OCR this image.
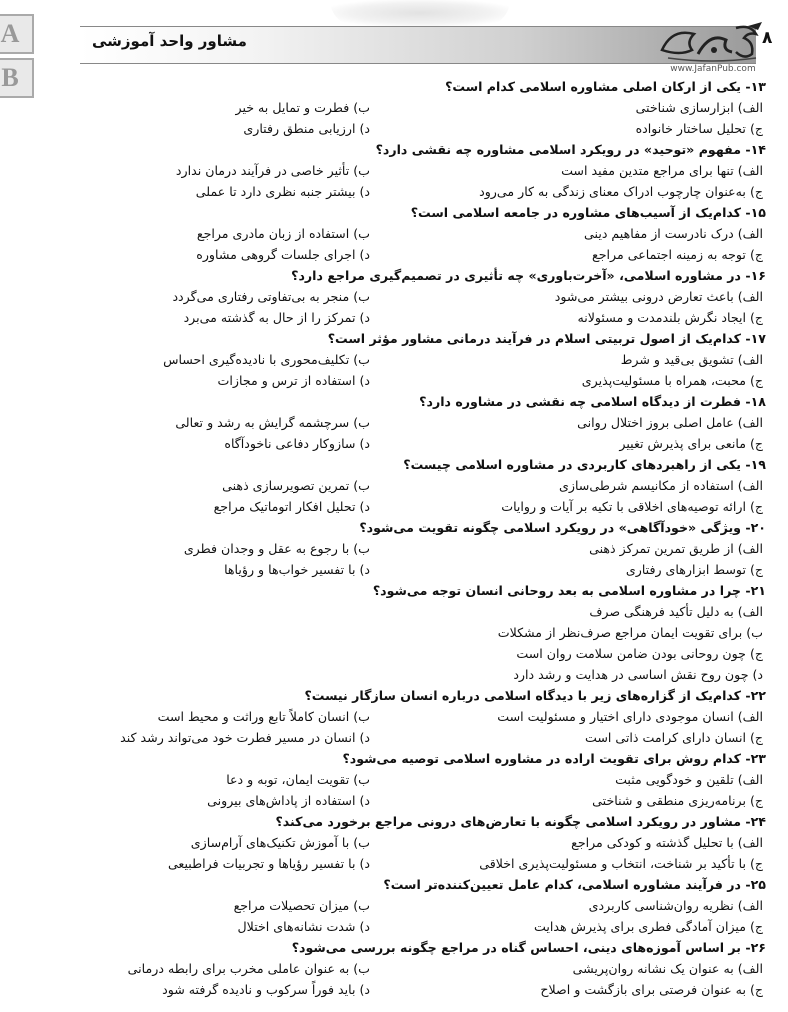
A
B
مشاور واحد آموزشی	۸
www.JafanPub.com
۱۳- یکی از ارکان اصلی مشاوره اسلامی کدام است؟
الف) ابزارسازی شناختی
ب) فطرت و تمایل به خیر
ج) تحلیل ساختار خانواده
د) ارزیابی منطق رفتاری
۱۴- مفهوم «توحید» در رویکرد اسلامی مشاوره چه نقشی دارد؟
الف) تنها برای مراجع متدین مفید است
ب) تأثیر خاصی در فرآیند درمان ندارد
ج) به‌عنوان چارچوب ادراک معنای زندگی به کار می‌رود
د) بیشتر جنبه نظری دارد تا عملی
۱۵- کدام‌یک از آسیب‌های مشاوره در جامعه اسلامی است؟
الف) درک نادرست از مفاهیم دینی
ب) استفاده از زبان مادری مراجع
ج) توجه به زمینه اجتماعی مراجع
د) اجرای جلسات گروهی مشاوره
۱۶- در مشاوره اسلامی، «آخرت‌باوری» چه تأثیری در تصمیم‌گیری مراجع دارد؟
الف) باعث تعارض درونی بیشتر می‌شود
ب) منجر به بی‌تفاوتی رفتاری می‌گردد
ج) ایجاد نگرش بلندمدت و مسئولانه
د) تمرکز را از حال به گذشته می‌برد
۱۷- کدام‌یک از اصول تربیتی اسلام در فرآیند درمانی مشاور مؤثر است؟
الف) تشویق بی‌قید و شرط
ب) تکلیف‌محوری با نادیده‌گیری احساس
ج) محبت، همراه با مسئولیت‌پذیری
د) استفاده از ترس و مجازات
۱۸- فطرت از دیدگاه اسلامی چه نقشی در مشاوره دارد؟
الف) عامل اصلی بروز اختلال روانی
ب) سرچشمه گرایش به رشد و تعالی
ج) مانعی برای پذیرش تغییر
د) سازوکار دفاعی ناخودآگاه
۱۹- یکی از راهبردهای کاربردی در مشاوره اسلامی چیست؟
الف) استفاده از مکانیسم شرطی‌سازی
ب) تمرین تصویرسازی ذهنی
ج) ارائه توصیه‌های اخلاقی با تکیه بر آیات و روایات
د) تحلیل افکار اتوماتیک مراجع
۲۰- ویژگی «خودآگاهی» در رویکرد اسلامی چگونه تقویت می‌شود؟
الف) از طریق تمرین تمرکز ذهنی
ب) با رجوع به عقل و وجدان فطری
ج) توسط ابزارهای رفتاری
د) با تفسیر خواب‌ها و رؤیاها
۲۱- چرا در مشاوره اسلامی به بعد روحانی انسان توجه می‌شود؟
الف) به دلیل تأکید فرهنگی صرف
ب) برای تقویت ایمان مراجع صرف‌نظر از مشکلات
ج) چون روحانی بودن ضامن سلامت روان است
د) چون روح نقش اساسی در هدایت و رشد دارد
۲۲- کدام‌یک از گزاره‌های زیر با دیدگاه اسلامی درباره انسان سازگار نیست؟
الف) انسان موجودی دارای اختیار و مسئولیت است
ب) انسان کاملاً تابع وراثت و محیط است
ج) انسان دارای کرامت ذاتی است
د) انسان در مسیر فطرت خود می‌تواند رشد کند
۲۳- کدام روش برای تقویت اراده در مشاوره اسلامی توصیه می‌شود؟
الف) تلقین و خودگویی مثبت
ب) تقویت ایمان، توبه و دعا
ج) برنامه‌ریزی منطقی و شناختی
د) استفاده از پاداش‌های بیرونی
۲۴- مشاور در رویکرد اسلامی چگونه با تعارض‌های درونی مراجع برخورد می‌کند؟
الف) با تحلیل گذشته و کودکی مراجع
ب) با آموزش تکنیک‌های آرام‌سازی
ج) با تأکید بر شناخت، انتخاب و مسئولیت‌پذیری اخلاقی
د) با تفسیر رؤیاها و تجربیات فراطبیعی
۲۵- در فرآیند مشاوره اسلامی، کدام عامل تعیین‌کننده‌تر است؟
الف) نظریه روان‌شناسی کاربردی
ب) میزان تحصیلات مراجع
ج) میزان آمادگی فطری برای پذیرش هدایت
د) شدت نشانه‌های اختلال
۲۶- بر اساس آموزه‌های دینی، احساس گناه در مراجع چگونه بررسی می‌شود؟
الف) به عنوان یک نشانه روان‌پریشی
ب) به عنوان عاملی مخرب برای رابطه درمانی
ج) به عنوان فرصتی برای بازگشت و اصلاح
د) باید فوراً سرکوب و نادیده گرفته شود
